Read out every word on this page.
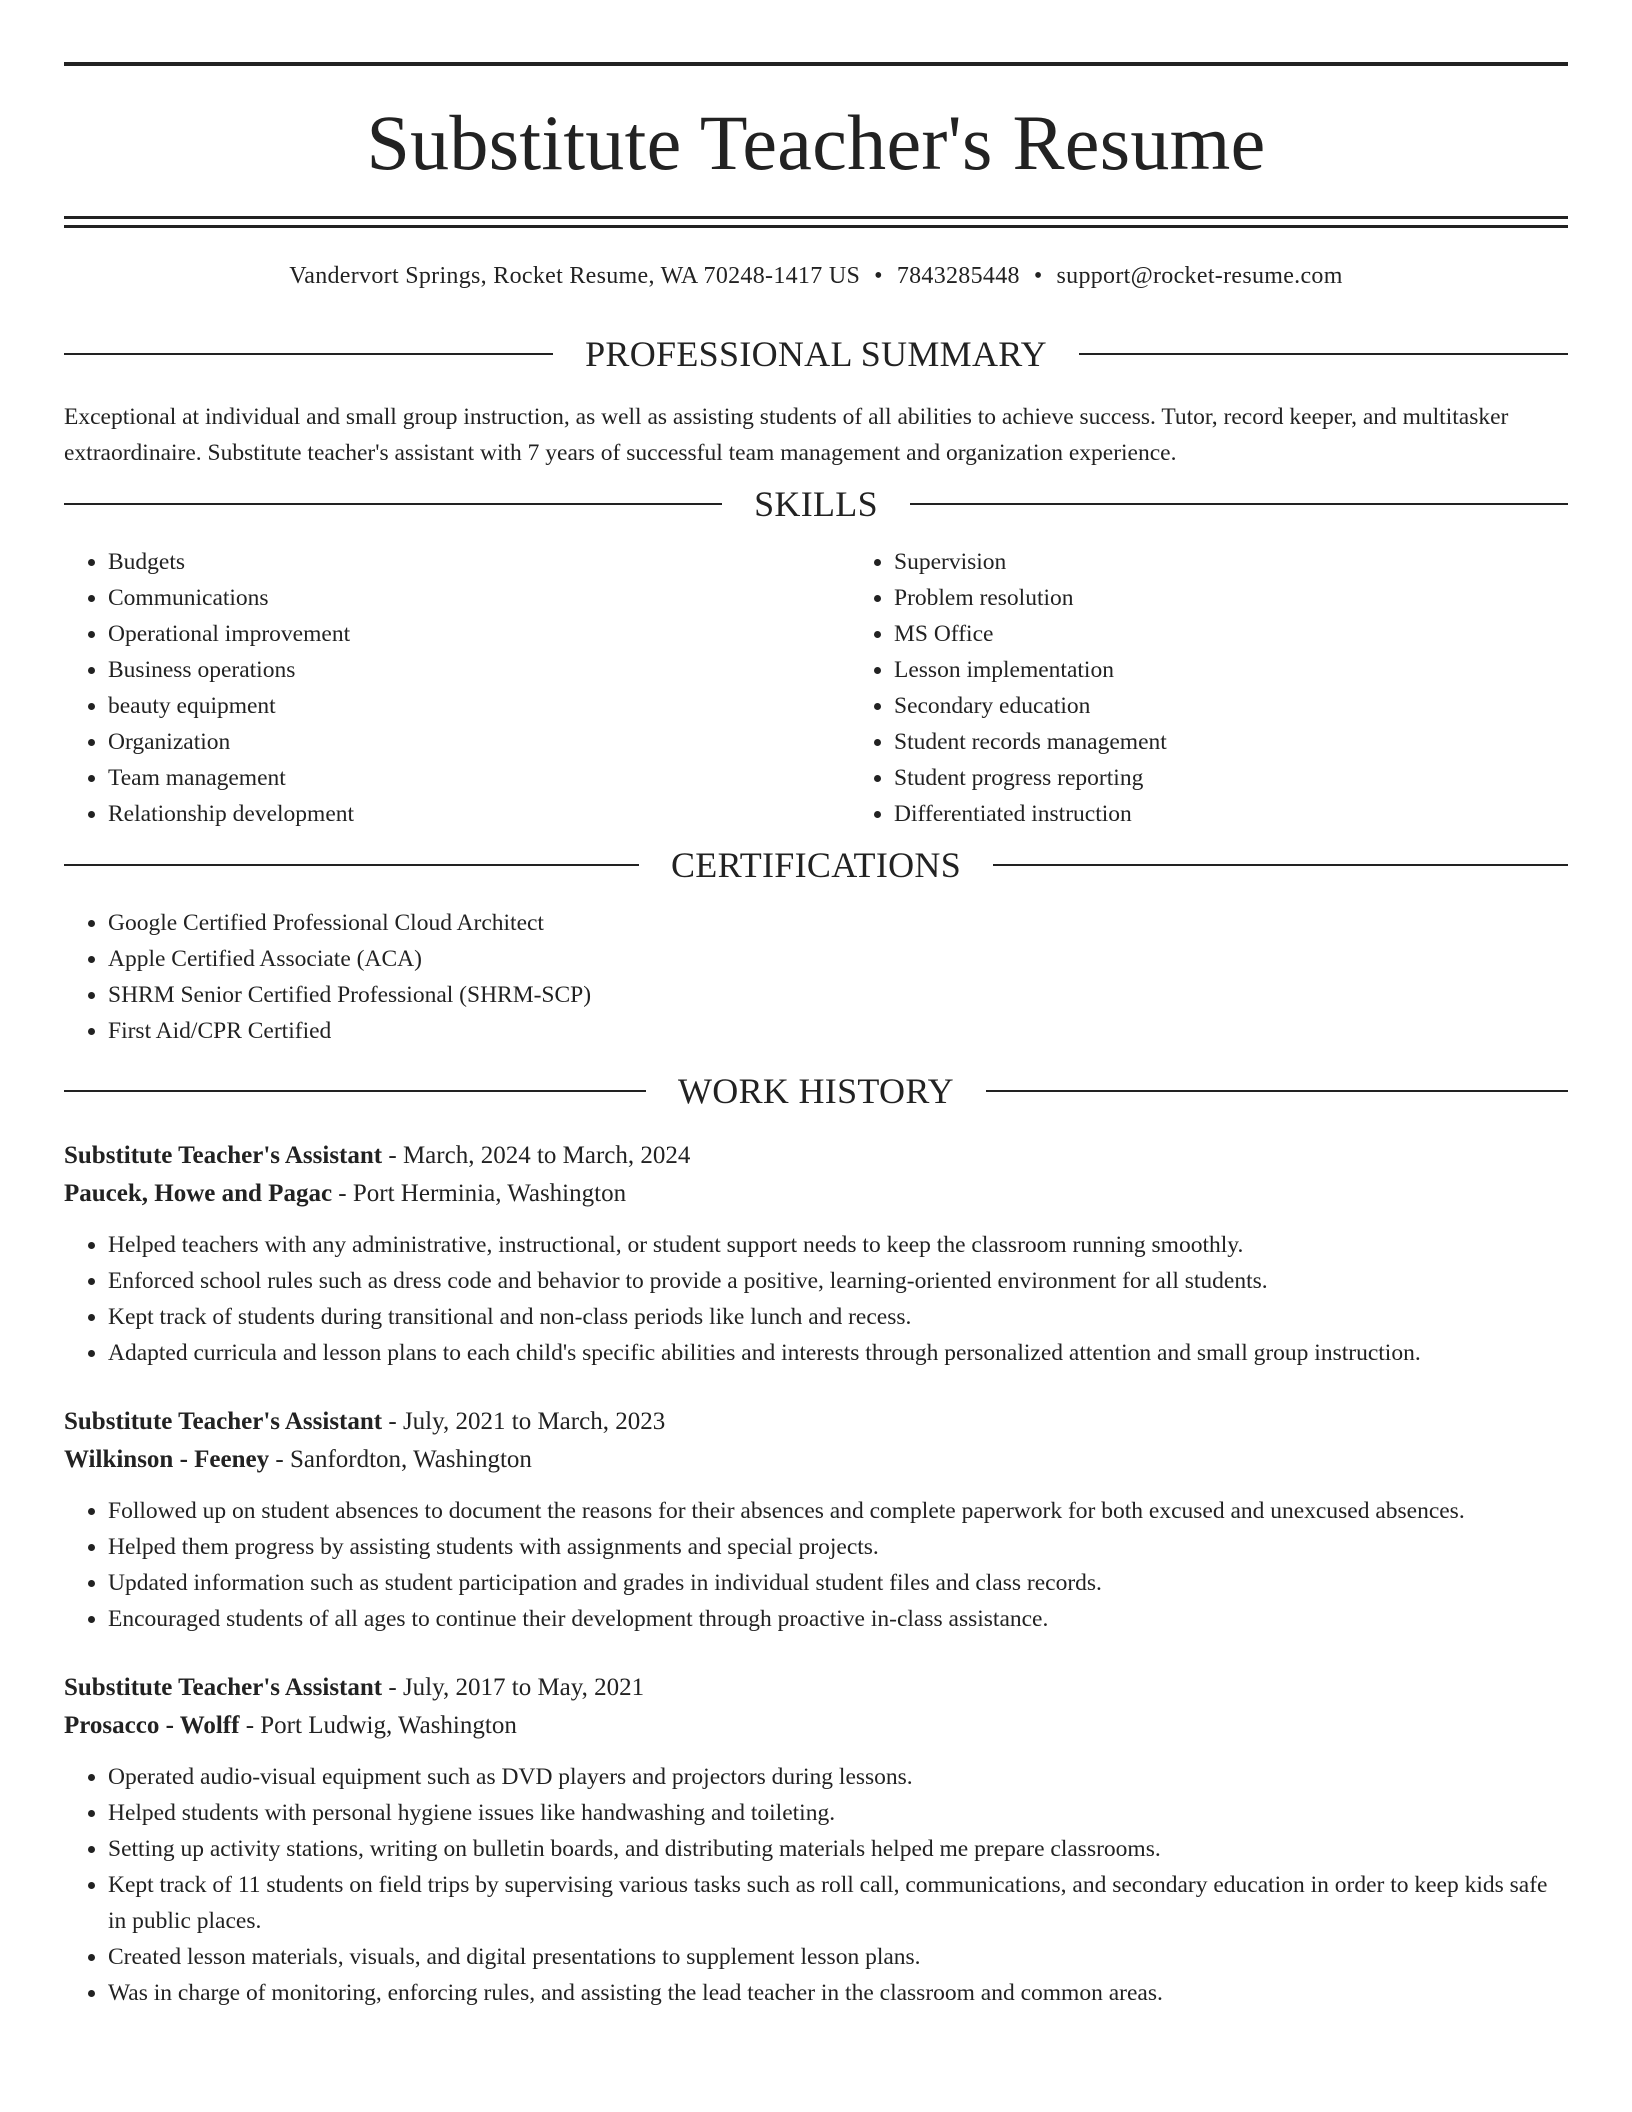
Substitute Teacher's Resume
Vandervort Springs, Rocket Resume, WA 70248-1417 US • 7843285448 • support@rocket-resume.com
PROFESSIONAL SUMMARY

Exceptional at individual and small group instruction, as well as assisting students of all abilities to achieve success. Tutor, record keeper, and multitasker extraordinaire. Substitute teacher's assistant with 7 years of successful team management and organization experience.

SKILLS
• Budgets
• Communications
• Operational improvement
• Business operations
• beauty equipment
• Organization
• Team management
• Relationship development
• Supervision
• Problem resolution
• MS Office
• Lesson implementation
• Secondary education
• Student records management
• Student progress reporting
• Differentiated instruction
CERTIFICATIONS
• Google Certified Professional Cloud Architect
• Apple Certified Associate (ACA)
• SHRM Senior Certified Professional (SHRM-SCP)
• First Aid/CPR Certified
WORK HISTORY

Substitute Teacher's Assistant - March, 2024 to March, 2024

Paucek, Howe and Pagac - Port Herminia, Washington

• Helped teachers with any administrative, instructional, or student support needs to keep the classroom running smoothly.
• Enforced school rules such as dress code and behavior to provide a positive, learning-oriented environment for all students.
• Kept track of students during transitional and non-class periods like lunch and recess.
• Adapted curricula and lesson plans to each child's specific abilities and interests through personalized attention and small group instruction.

Substitute Teacher's Assistant - July, 2021 to March, 2023

Wilkinson - Feeney - Sanfordton, Washington

• Followed up on student absences to document the reasons for their absences and complete paperwork for both excused and unexcused absences.
• Helped them progress by assisting students with assignments and special projects.
• Updated information such as student participation and grades in individual student files and class records.
• Encouraged students of all ages to continue their development through proactive in-class assistance.

Substitute Teacher's Assistant - July, 2017 to May, 2021

Prosacco - Wolff - Port Ludwig, Washington

• Operated audio-visual equipment such as DVD players and projectors during lessons.
• Helped students with personal hygiene issues like handwashing and toileting.
• Setting up activity stations, writing on bulletin boards, and distributing materials helped me prepare classrooms.
• Kept track of 11 students on field trips by supervising various tasks such as roll call, communications, and secondary education in order to keep kids safe in public places.
• Created lesson materials, visuals, and digital presentations to supplement lesson plans.
• Was in charge of monitoring, enforcing rules, and assisting the lead teacher in the classroom and common areas.
